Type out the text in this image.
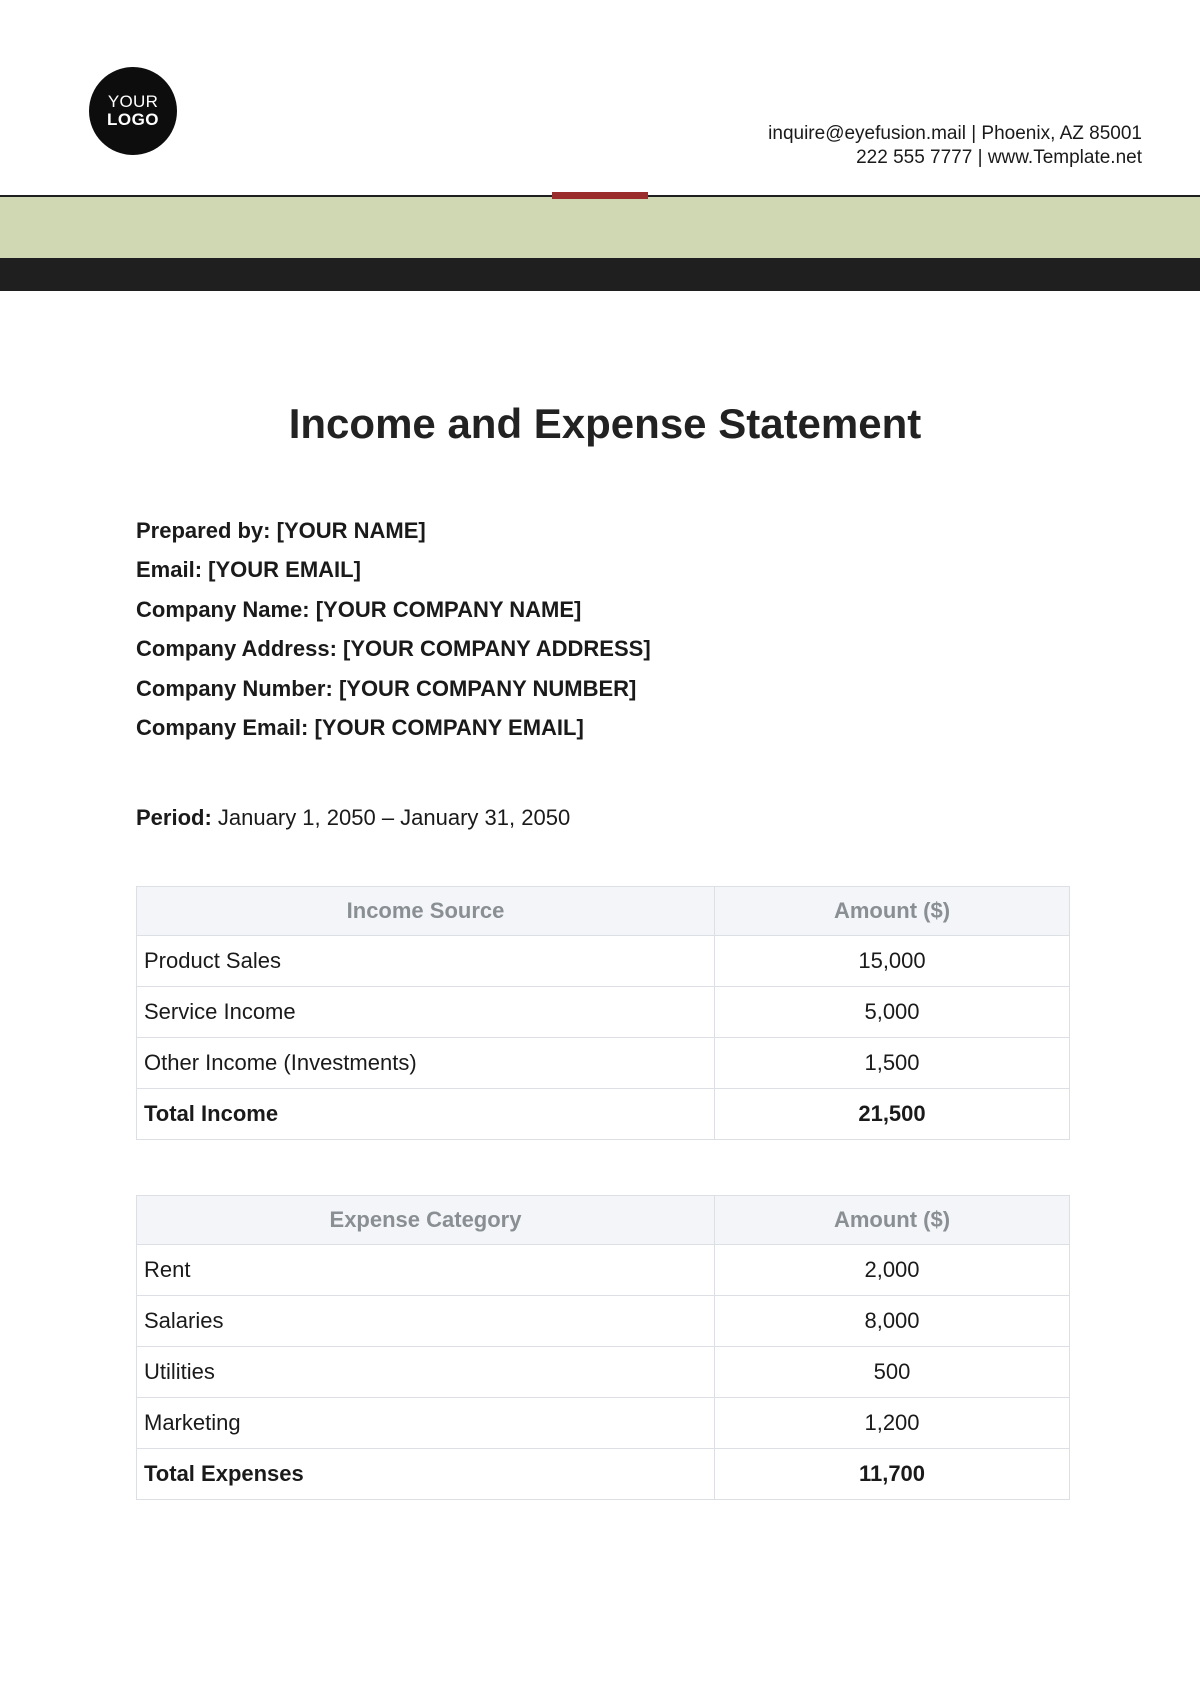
YOUR
LOGO
inquire@eyefusion.mail | Phoenix, AZ 85001
222 555 7777 | www.Template.net
Income and Expense Statement
Prepared by: [YOUR NAME]
Email: [YOUR EMAIL]
Company Name: [YOUR COMPANY NAME]
Company Address: [YOUR COMPANY ADDRESS]
Company Number: [YOUR COMPANY NUMBER]
Company Email: [YOUR COMPANY EMAIL]
Period: January 1, 2050 – January 31, 2050
Income Source	Amount ($)
Product Sales	15,000
Service Income	5,000
Other Income (Investments)	1,500
Total Income	21,500
Expense Category	Amount ($)
Rent	2,000
Salaries	8,000
Utilities	500
Marketing	1,200
Total Expenses	11,700
